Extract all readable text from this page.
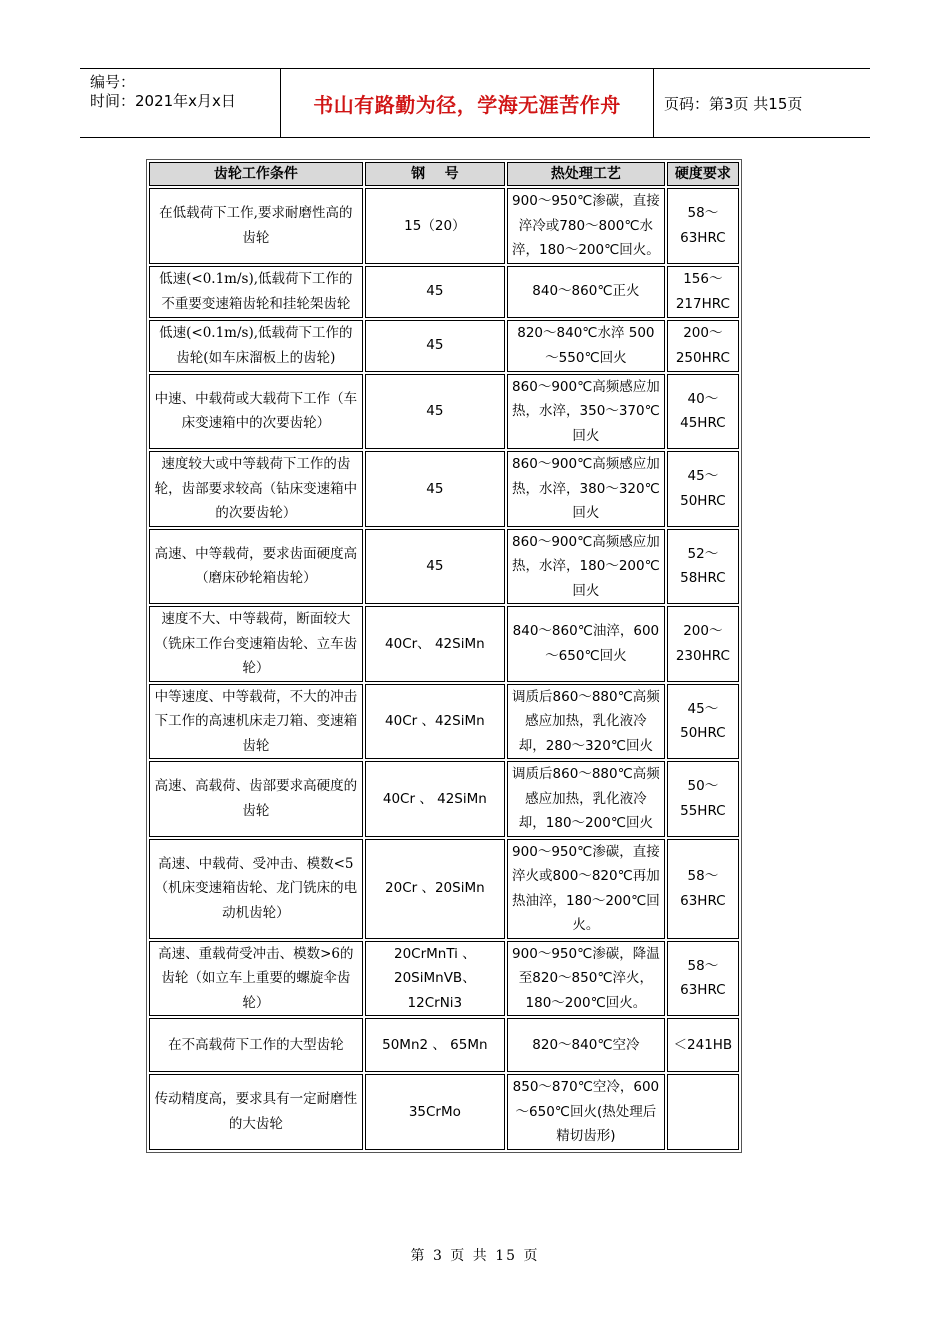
编号：
时间：2021年x月x日	书山有路勤为径，学海无涯苦作舟	页码：第3页 共15页
齿轮工作条件	钢    号	热处理工艺	硬度要求
在低载荷下工作,要求耐磨性高的齿轮	15（20）	900～950℃渗碳，直接淬冷或780～800℃水淬，180～200℃回火。	58～63HRC
低速(<0.1m/s),低载荷下工作的不重要变速箱齿轮和挂轮架齿轮	45	840～860℃正火	156～217HRC
低速(<0.1m/s),低载荷下工作的齿轮(如车床溜板上的齿轮)	45	820～840℃水淬 500～550℃回火	200～250HRC
中速、中载荷或大载荷下工作（车床变速箱中的次要齿轮）	45	860～900℃高频感应加热，水淬，350～370℃回火	40～45HRC
速度较大或中等载荷下工作的齿轮，齿部要求较高（钻床变速箱中的次要齿轮）	45	860～900℃高频感应加热，水淬，380～320℃回火	45～50HRC
高速、中等载荷，要求齿面硬度高（磨床砂轮箱齿轮）	45	860～900℃高频感应加热，水淬，180～200℃回火	52～58HRC
速度不大、中等载荷，断面较大（铣床工作台变速箱齿轮、立车齿轮）	40Cr、 42SiMn	840～860℃油淬，600～650℃回火	200～230HRC
中等速度、中等载荷，不大的冲击下工作的高速机床走刀箱、变速箱齿轮	40Cr 、42SiMn	调质后860～880℃高频感应加热，乳化液冷却，280～320℃回火	45～50HRC
高速、高载荷、齿部要求高硬度的齿轮	40Cr 、 42SiMn	调质后860～880℃高频感应加热，乳化液冷却，180～200℃回火	50～55HRC
高速、中载荷、受冲击、模数<5（机床变速箱齿轮、龙门铣床的电动机齿轮）	20Cr 、20SiMn	900～950℃渗碳，直接淬火或800～820℃再加热油淬，180～200℃回火。	58～63HRC
高速、重载荷受冲击、模数>6的齿轮（如立车上重要的螺旋伞齿轮）	20CrMnTi 、20SiMnVB、 12CrNi3	900～950℃渗碳，降温至820～850℃淬火，180～200℃回火。	58～63HRC
在不高载荷下工作的大型齿轮	50Mn2 、 65Mn	820～840℃空冷	＜241HB
传动精度高，要求具有一定耐磨性的大齿轮	35CrMo	850～870℃空冷，600～650℃回火(热处理后精切齿形)	
第 3 页 共 15 页
